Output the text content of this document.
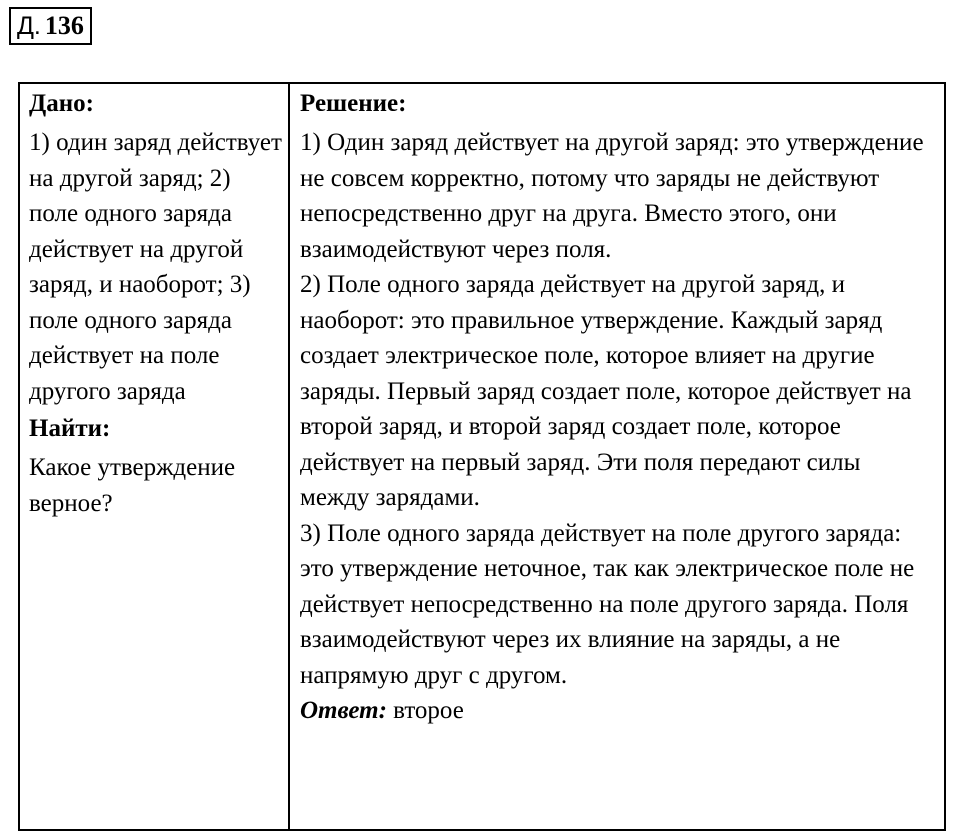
Д. 136
Дано:
1) один заряд действует на другой заряд; 2) поле одного заряда действует на другой заряд, и наоборот; 3) поле одного заряда действует на поле другого заряда
Найти:
Какое утверждение верное?
Решение:
1) Один заряд действует на другой заряд: это утверждение не совсем корректно, потому что заряды не действуют непосредственно друг на друга. Вместо этого, они взаимодействуют через поля.
2) Поле одного заряда действует на другой заряд, и наоборот: это правильное утверждение. Каждый заряд создает электрическое поле, которое влияет на другие заряды. Первый заряд создает поле, которое действует на второй заряд, и второй заряд создает поле, которое действует на первый заряд. Эти поля передают силы между зарядами.
3) Поле одного заряда действует на поле другого заряда: это утверждение неточное, так как электрическое поле не действует непосредственно на поле другого заряда. Поля взаимодействуют через их влияние на заряды, а не напрямую друг с другом.
Ответ: второе
